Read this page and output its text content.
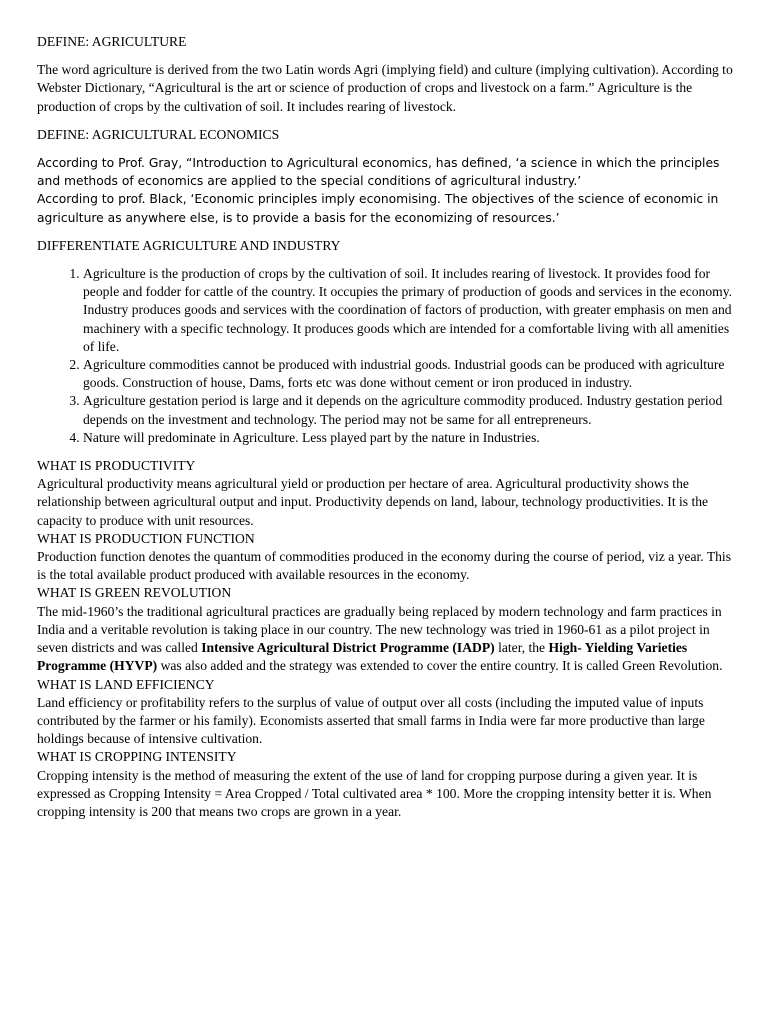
DEFINE: AGRICULTURE

The word agriculture is derived from the two Latin words Agri (implying field) and culture (implying cultivation). According to Webster Dictionary, “Agricultural is the art or science of production of crops and livestock on a farm.” Agriculture is the production of crops by the cultivation of soil. It includes rearing of livestock.

DEFINE: AGRICULTURAL ECONOMICS
According to Prof. Gray, “Introduction to Agricultural economics, has defined, ‘a science in which the principles and methods of economics are applied to the special conditions of agricultural industry.’
According to prof. Black, ‘Economic principles imply economising. The objectives of the science of economic in agriculture as anywhere else, is to provide a basis for the economizing of resources.’
DIFFERENTIATE AGRICULTURE AND INDUSTRY
1. Agriculture is the production of crops by the cultivation of soil. It includes rearing of livestock. It provides food for people and fodder for cattle of the country. It occupies the primary of production of goods and services in the economy.
Industry produces goods and services with the coordination of factors of production, with greater emphasis on men and machinery with a specific technology. It produces goods which are intended for a comfortable living with all amenities of life.
2. Agriculture commodities cannot be produced with industrial goods. Industrial goods can be produced with agriculture goods. Construction of house, Dams, forts etc was done without cement or iron produced in industry.
3. Agriculture gestation period is large and it depends on the agriculture commodity produced. Industry gestation period depends on the investment and technology. The period may not be same for all entrepreneurs.
4. Nature will predominate in Agriculture. Less played part by the nature in Industries.
WHAT IS PRODUCTIVITY
Agricultural productivity means agricultural yield or production per hectare of area. Agricultural productivity shows the relationship between agricultural output and input. Productivity depends on land, labour, technology productivities. It is the capacity to produce with unit resources.
WHAT IS PRODUCTION FUNCTION
Production function denotes the quantum of commodities produced in the economy during the course of period, viz a year. This is the total available product produced with available resources in the economy.
WHAT IS GREEN REVOLUTION
The mid-1960’s the traditional agricultural practices are gradually being replaced by modern technology and farm practices in India and a veritable revolution is taking place in our country. The new technology was tried in 1960-61 as a pilot project in seven districts and was called Intensive Agricultural District Programme (IADP) later, the High- Yielding Varieties Programme (HYVP) was also added and the strategy was extended to cover the entire country. It is called Green Revolution.
WHAT IS LAND EFFICIENCY
Land efficiency or profitability refers to the surplus of value of output over all costs (including the imputed value of inputs contributed by the farmer or his family). Economists asserted that small farms in India were far more productive than large holdings because of intensive cultivation.
WHAT IS CROPPING INTENSITY
Cropping intensity is the method of measuring the extent of the use of land for cropping purpose during a given year. It is expressed as Cropping Intensity = Area Cropped / Total cultivated area * 100. More the cropping intensity better it is. When cropping intensity is 200 that means two crops are grown in a year.
